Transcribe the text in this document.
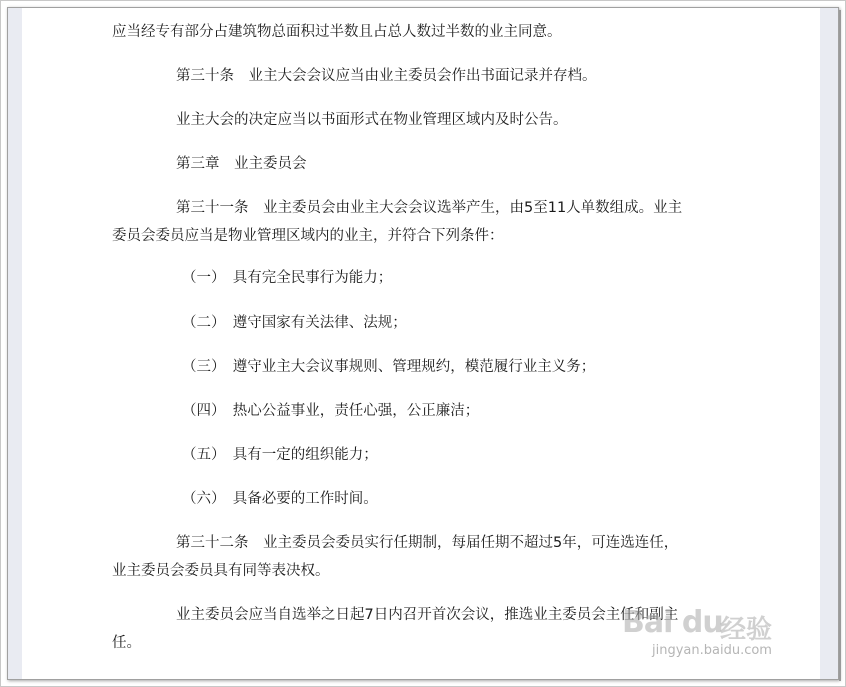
应当经专有部分占建筑物总面积过半数且占总人数过半数的业主同意。
第三十条　业主大会会议应当由业主委员会作出书面记录并存档。
业主大会的决定应当以书面形式在物业管理区域内及时公告。
第三章　业主委员会
第三十一条　业主委员会由业主大会会议选举产生，由5至11人单数组成。业主
委员会委员应当是物业管理区域内的业主，并符合下列条件：
（一）　具有完全民事行为能力；
（二）　遵守国家有关法律、法规；
（三）　遵守业主大会议事规则、管理规约，模范履行业主义务；
（四）　热心公益事业，责任心强，公正廉洁；
（五）　具有一定的组织能力；
（六）　具备必要的工作时间。
第三十二条　业主委员会委员实行任期制，每届任期不超过5年，可连选连任，
业主委员会委员具有同等表决权。
业主委员会应当自选举之日起7日内召开首次会议，推选业主委员会主任和副主
任。
Bai du
经验
jingyan.baidu.com
